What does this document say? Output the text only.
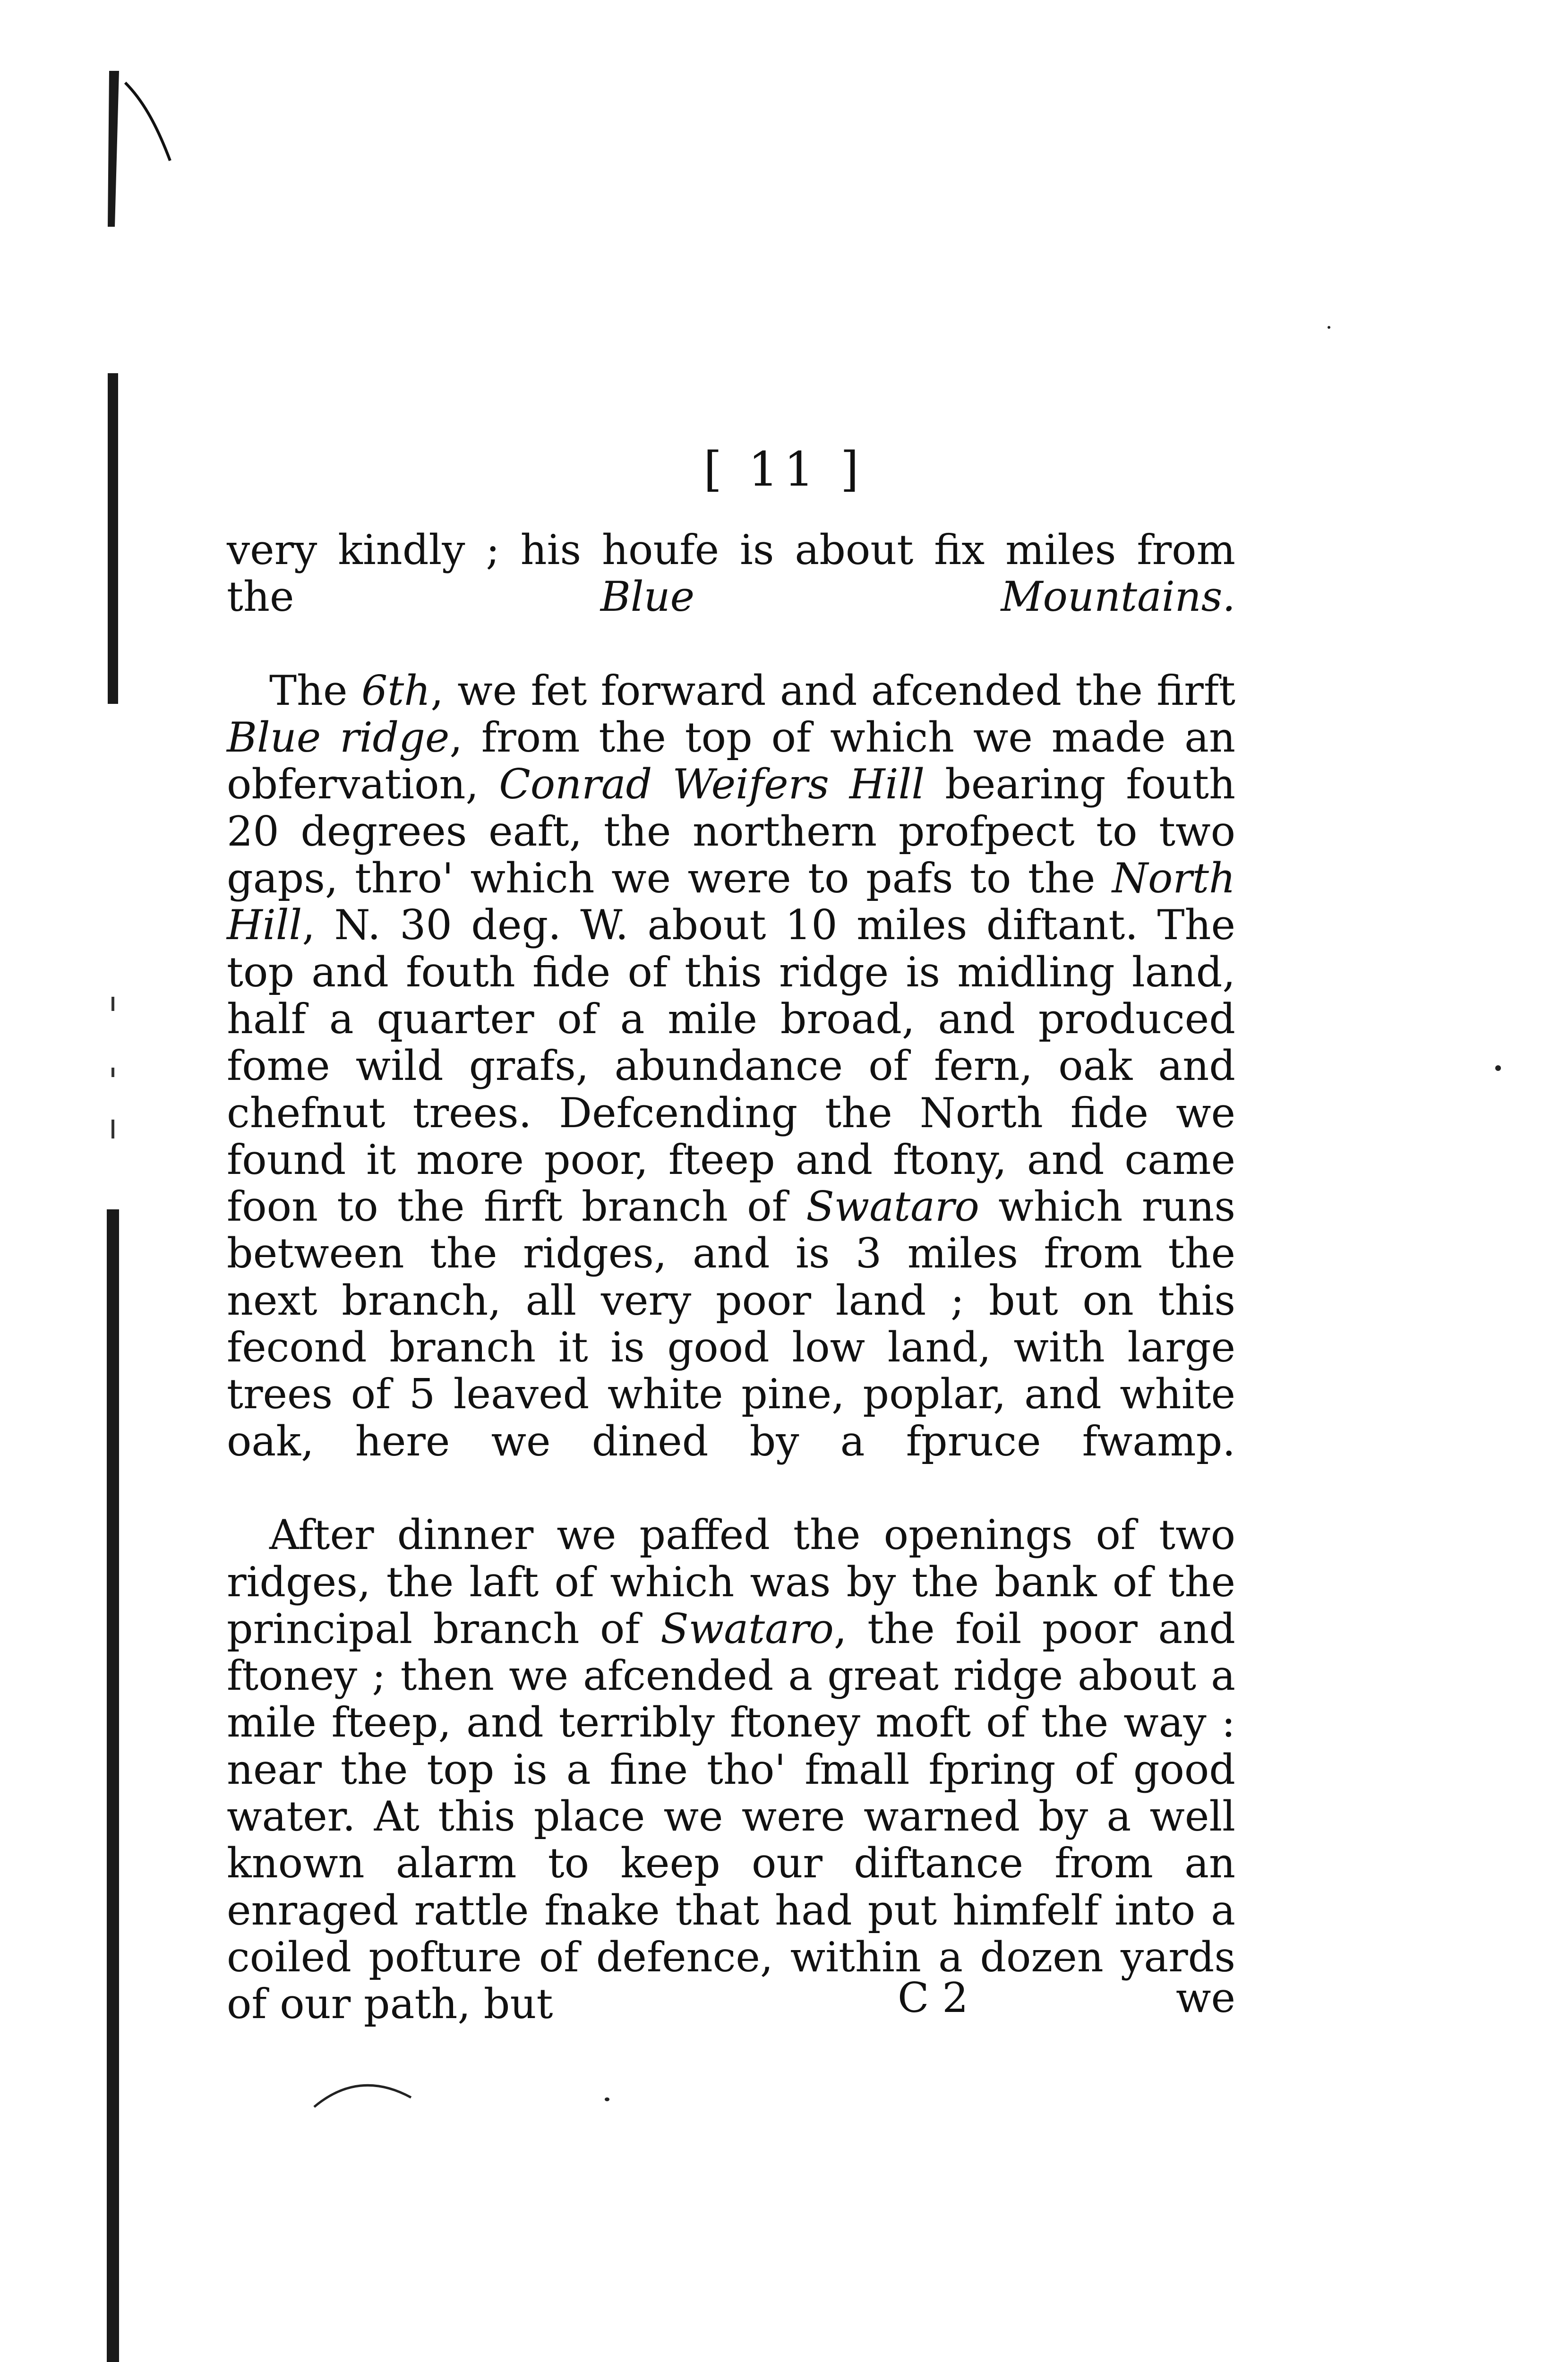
[ 11 ]

very kindly ; his houfe is about fix miles from the Blue Mountains.

The 6th, we fet forward and afcended the firft Blue ridge, from the top of which we made an obfervation, Conrad Weifers Hill bearing fouth 20 degrees eaft, the northern profpect to two gaps, thro' which we were to pafs to the North Hill, N. 30 deg. W. about 10 miles diftant. The top and fouth fide of this ridge is midling land, half a quarter of a mile broad, and produced fome wild grafs, abundance of fern, oak and chefnut trees. Defcending the North fide we found it more poor, fteep and ftony, and came foon to the firft branch of Swataro which runs between the ridges, and is 3 miles from the next branch, all very poor land ; but on this fecond branch it is good low land, with large trees of 5 leaved white pine, poplar, and white oak, here we dined by a fpruce fwamp.

After dinner we paffed the openings of two ridges, the laft of which was by the bank of the principal branch of Swataro, the foil poor and ftoney ; then we afcended a great ridge about a mile fteep, and terribly ftoney moft of the way : near the top is a fine tho' fmall fpring of good water. At this place we were warned by a well known alarm to keep our diftance from an enraged rattle fnake that had put himfelf into a coiled pofture of defence, within a dozen yards of our path, but	C 2	we
